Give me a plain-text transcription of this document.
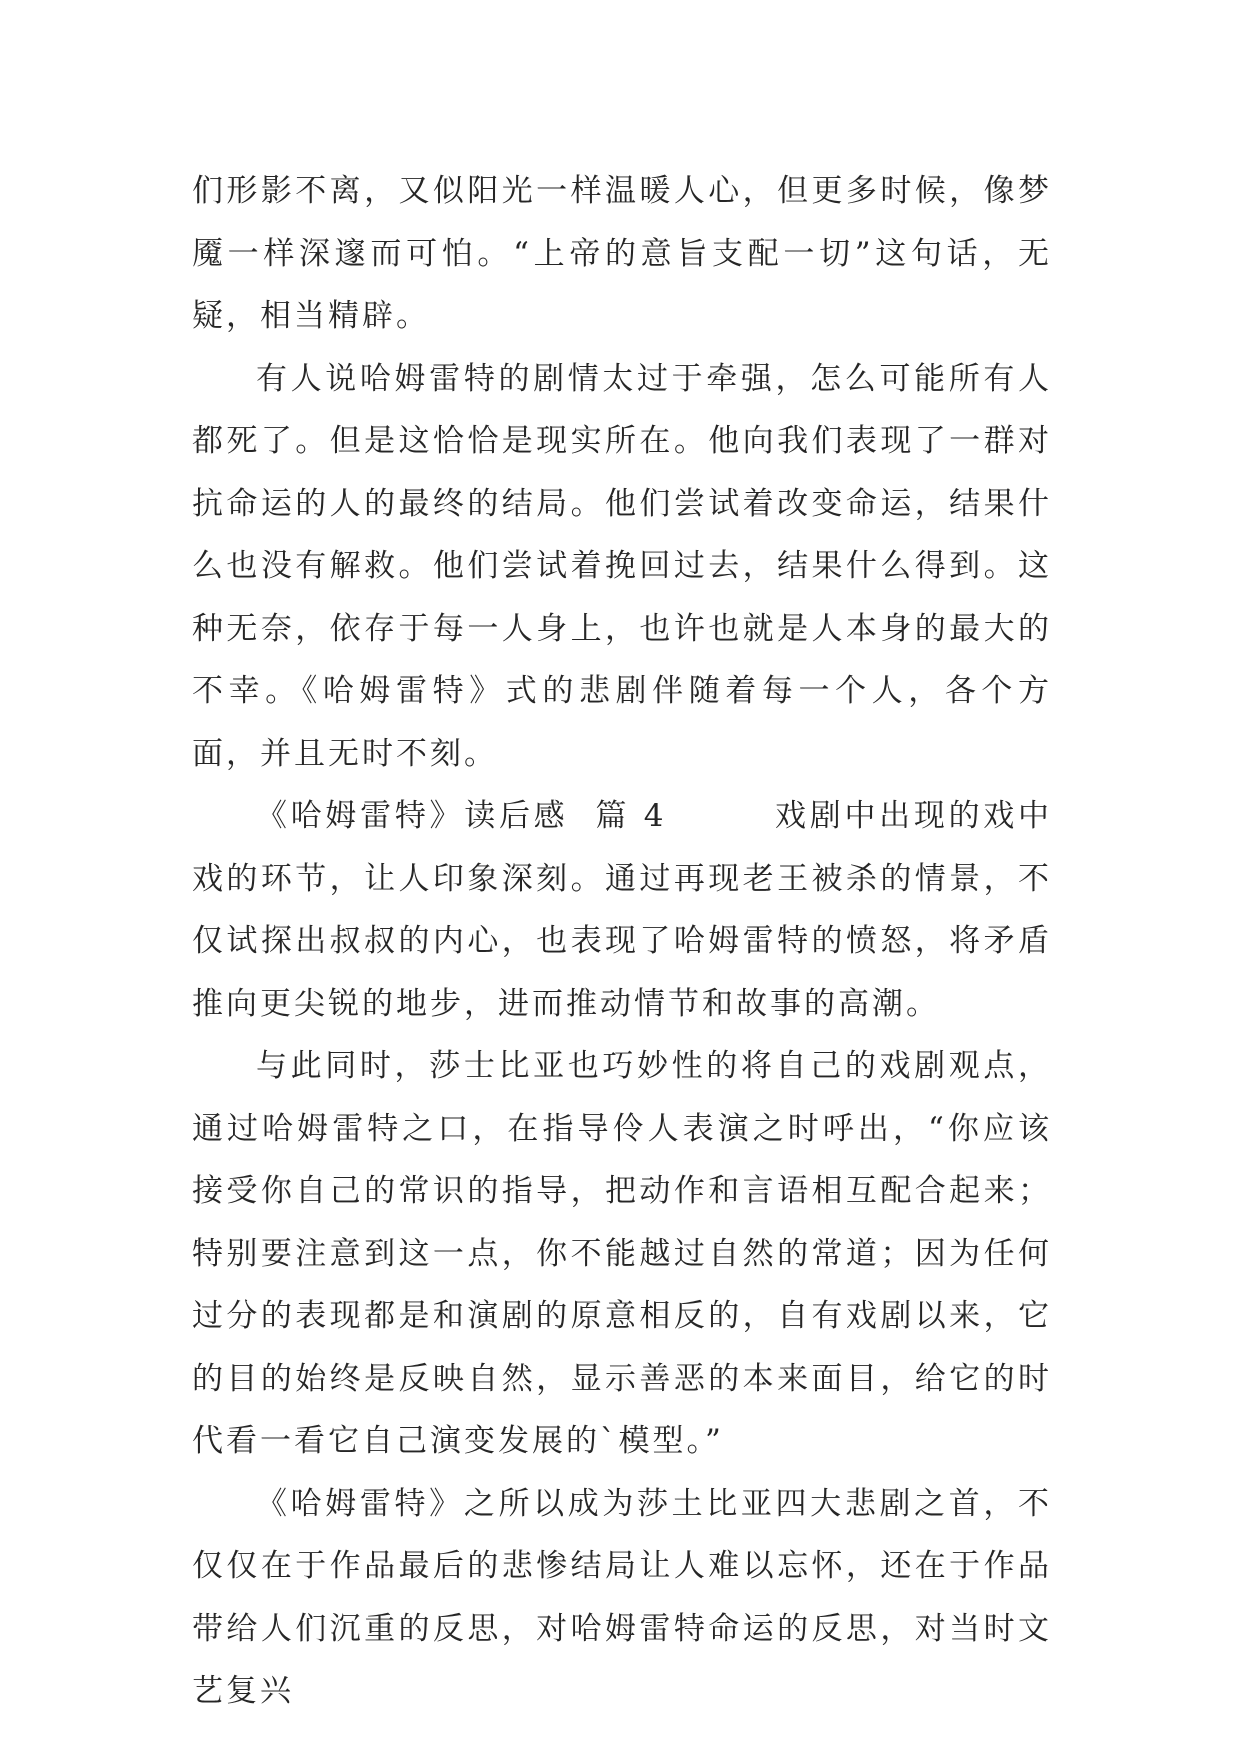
们形影不离，又似阳光一样温暖人心，但更多时候，像梦魇一样深邃而可怕。“上帝的意旨支配一切”这句话，无疑，相当精辟。

有人说哈姆雷特的剧情太过于牵强，怎么可能所有人都死了。但是这恰恰是现实所在。他向我们表现了一群对抗命运的人的最终的结局。他们尝试着改变命运，结果什么也没有解救。他们尝试着挽回过去，结果什么得到。这种无奈，依存于每一人身上，也许也就是人本身的最大的不幸。《哈姆雷特》式的悲剧伴随着每一个人，各个方面，并且无时不刻。

《哈姆雷特》读后感  篇 4        戏剧中出现的戏中戏的环节，让人印象深刻。通过再现老王被杀的情景，不仅试探出叔叔的内心，也表现了哈姆雷特的愤怒，将矛盾推向更尖锐的地步，进而推动情节和故事的高潮。

与此同时，莎士比亚也巧妙性的将自己的戏剧观点，通过哈姆雷特之口，在指导伶人表演之时呼出，“你应该接受你自己的常识的指导，把动作和言语相互配合起来；特别要注意到这一点，你不能越过自然的常道；因为任何过分的表现都是和演剧的原意相反的，自有戏剧以来，它的目的始终是反映自然，显示善恶的本来面目，给它的时代看一看它自己演变发展的`模型。”

《哈姆雷特》之所以成为莎土比亚四大悲剧之首，不仅仅在于作品最后的悲惨结局让人难以忘怀，还在于作品带给人们沉重的反思，对哈姆雷特命运的反思，对当时文艺复兴
